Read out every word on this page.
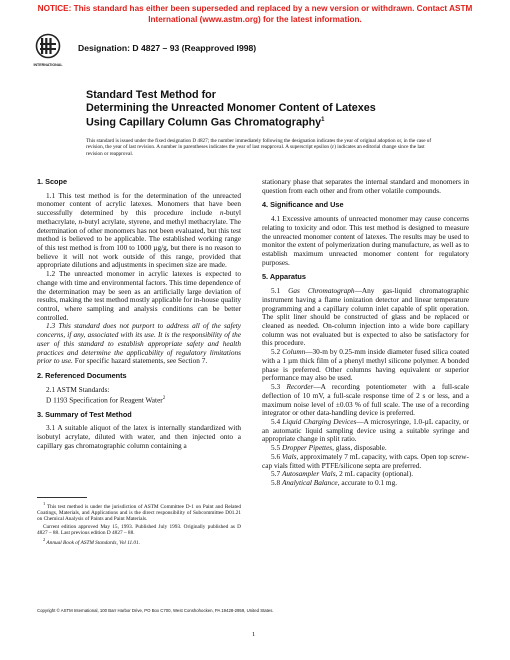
NOTICE: This standard has either been superseded and replaced by a new version or withdrawn. Contact ASTM
International (www.astm.org) for the latest information.
INTERNATIONAL
Designation: D 4827 – 93 (Reapproved I998)
Standard Test Method for
Determining the Unreacted Monomer Content of Latexes
Using Capillary Column Gas Chromatography$^1$
This standard is issued under the fixed designation D 4827; the number immediately following the designation indicates the year of original adoption or, in the case of revision, the year of last revision. A number in parentheses indicates the year of last reapproval. A superscript epsilon (ε) indicates an editorial change since the last revision or reapproval.
1. Scope

1.1 This test method is for the determination of the unreacted monomer content of acrylic latexes. Monomers that have been successfully determined by this procedure include n-butyl methacrylate, n-butyl acrylate, styrene, and methyl methacrylate. The determination of other monomers has not been evaluated, but this test method is believed to be applicable. The established working range of this test method is from 100 to 1000 µg/g, but there is no reason to believe it will not work outside of this range, provided that appropriate dilutions and adjustments in specimen size are made.

1.2 The unreacted monomer in acrylic latexes is expected to change with time and environmental factors. This time dependence of the determination may be seen as an artificially large deviation of results, making the test method mostly applicable for in-house quality control, where sampling and analysis conditions can be better controlled.

1.3 This standard does not purport to address all of the safety concerns, if any, associated with its use. It is the responsibility of the user of this standard to establish appropriate safety and health practices and determine the applicability of regulatory limitations prior to use. For specific hazard statements, see Section 7.

2. Referenced Documents

2.1 ASTM Standards:

D 1193 Specification for Reagent Water$^2$

3. Summary of Test Method

3.1 A suitable aliquot of the latex is internally standardized with isobutyl acrylate, diluted with water, and then injected onto a capillary gas chromatographic column containing a

stationary phase that separates the internal standard and monomers in question from each other and from other volatile compounds.

4. Significance and Use

4.1 Excessive amounts of unreacted monomer may cause concerns relating to toxicity and odor. This test method is designed to measure the unreacted monomer content of latexes. The results may be used to monitor the extent of polymerization during manufacture, as well as to establish maximum unreacted monomer content for regulatory purposes.

5. Apparatus

5.1 Gas Chromatograph—Any gas-liquid chromatographic instrument having a flame ionization detector and linear temperature programming and a capillary column inlet capable of split operation. The split liner should be constructed of glass and be replaced or cleaned as needed. On-column injection into a wide bore capillary column was not evaluated but is expected to also be satisfactory for this procedure.

5.2 Column—30-m by 0.25-mm inside diameter fused silica coated with a 1 µm thick film of a phenyl methyl silicone polymer. A bonded phase is preferred. Other columns having equivalent or superior performance may also be used.

5.3 Recorder—A recording potentiometer with a full-scale deflection of 10 mV, a full-scale response time of 2 s or less, and a maximum noise level of ±0.03 % of full scale. The use of a recording integrator or other data-handling device is preferred.

5.4 Liquid Charging Devices—A microsyringe, 1.0-µL capacity, or an automatic liquid sampling device using a suitable syringe and appropriate change in split ratio.

5.5 Dropper Pipettes, glass, disposable.

5.6 Vials, approximately 7 mL capacity, with caps. Open top screw-cap vials fitted with PTFE/silicone septa are preferred.

5.7 Autosampler Vials, 2 mL capacity (optional).

5.8 Analytical Balance, accurate to 0.1 mg.

$^1$ This test method is under the jurisdiction of ASTM Committee D-1 on Paint and Related Coatings, Materials, and Applications and is the direct responsibility of Subcommittee D01.21 on Chemical Analysis of Paints and Paint Materials.

Current edition approved May 15, 1993. Published July 1993. Originally published as D 4827 – 88. Last previous edition D 4827 – 88.

$^2$ Annual Book of ASTM Standards, Vol 11.01.

Copyright © ASTM International, 100 Barr Harbor Drive, PO Box C700, West Conshohocken, PA 19428-2959, United States.
1
